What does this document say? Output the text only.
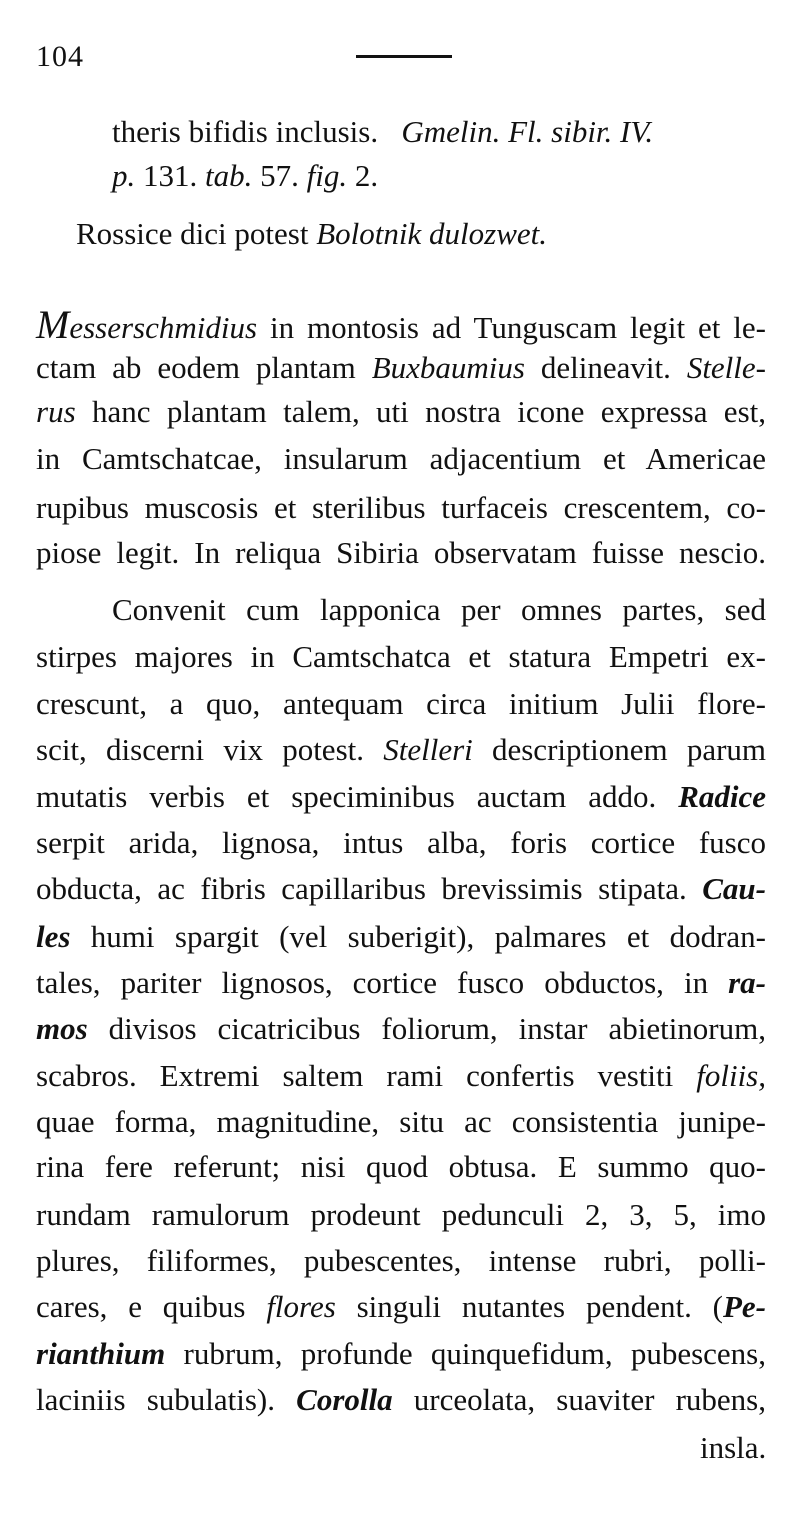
104
theris bifidis inclusis. Gmelin. Fl. sibir. IV.
p. 131. tab. 57. fig. 2.
Rossice dici potest Bolotnik dulozwet.
Messerschmidius in montosis ad Tunguscam legit et le-
ctam ab eodem plantam Buxbaumius delineavit. Stelle-
rus hanc plantam talem, uti nostra icone expressa est,
in Camtschatcae, insularum adjacentium et Americae
rupibus muscosis et sterilibus turfaceis crescentem, co-
piose legit. In reliqua Sibiria observatam fuisse nescio.
Convenit cum lapponica per omnes partes, sed
stirpes majores in Camtschatca et statura Empetri ex-
crescunt, a quo, antequam circa initium Julii flore-
scit, discerni vix potest. Stelleri descriptionem parum
mutatis verbis et speciminibus auctam addo. Radice
serpit arida, lignosa, intus alba, foris cortice fusco
obducta, ac fibris capillaribus brevissimis stipata. Cau-
les humi spargit (vel suberigit), palmares et dodran-
tales, pariter lignosos, cortice fusco obductos, in ra-
mos divisos cicatricibus foliorum, instar abietinorum,
scabros. Extremi saltem rami confertis vestiti foliis,
quae forma, magnitudine, situ ac consistentia junipe-
rina fere referunt; nisi quod obtusa. E summo quo-
rundam ramulorum prodeunt pedunculi 2, 3, 5, imo
plures, filiformes, pubescentes, intense rubri, polli-
cares, e quibus flores singuli nutantes pendent. (Pe-
rianthium rubrum, profunde quinquefidum, pubescens,
laciniis subulatis). Corolla urceolata, suaviter rubens,
insla.
